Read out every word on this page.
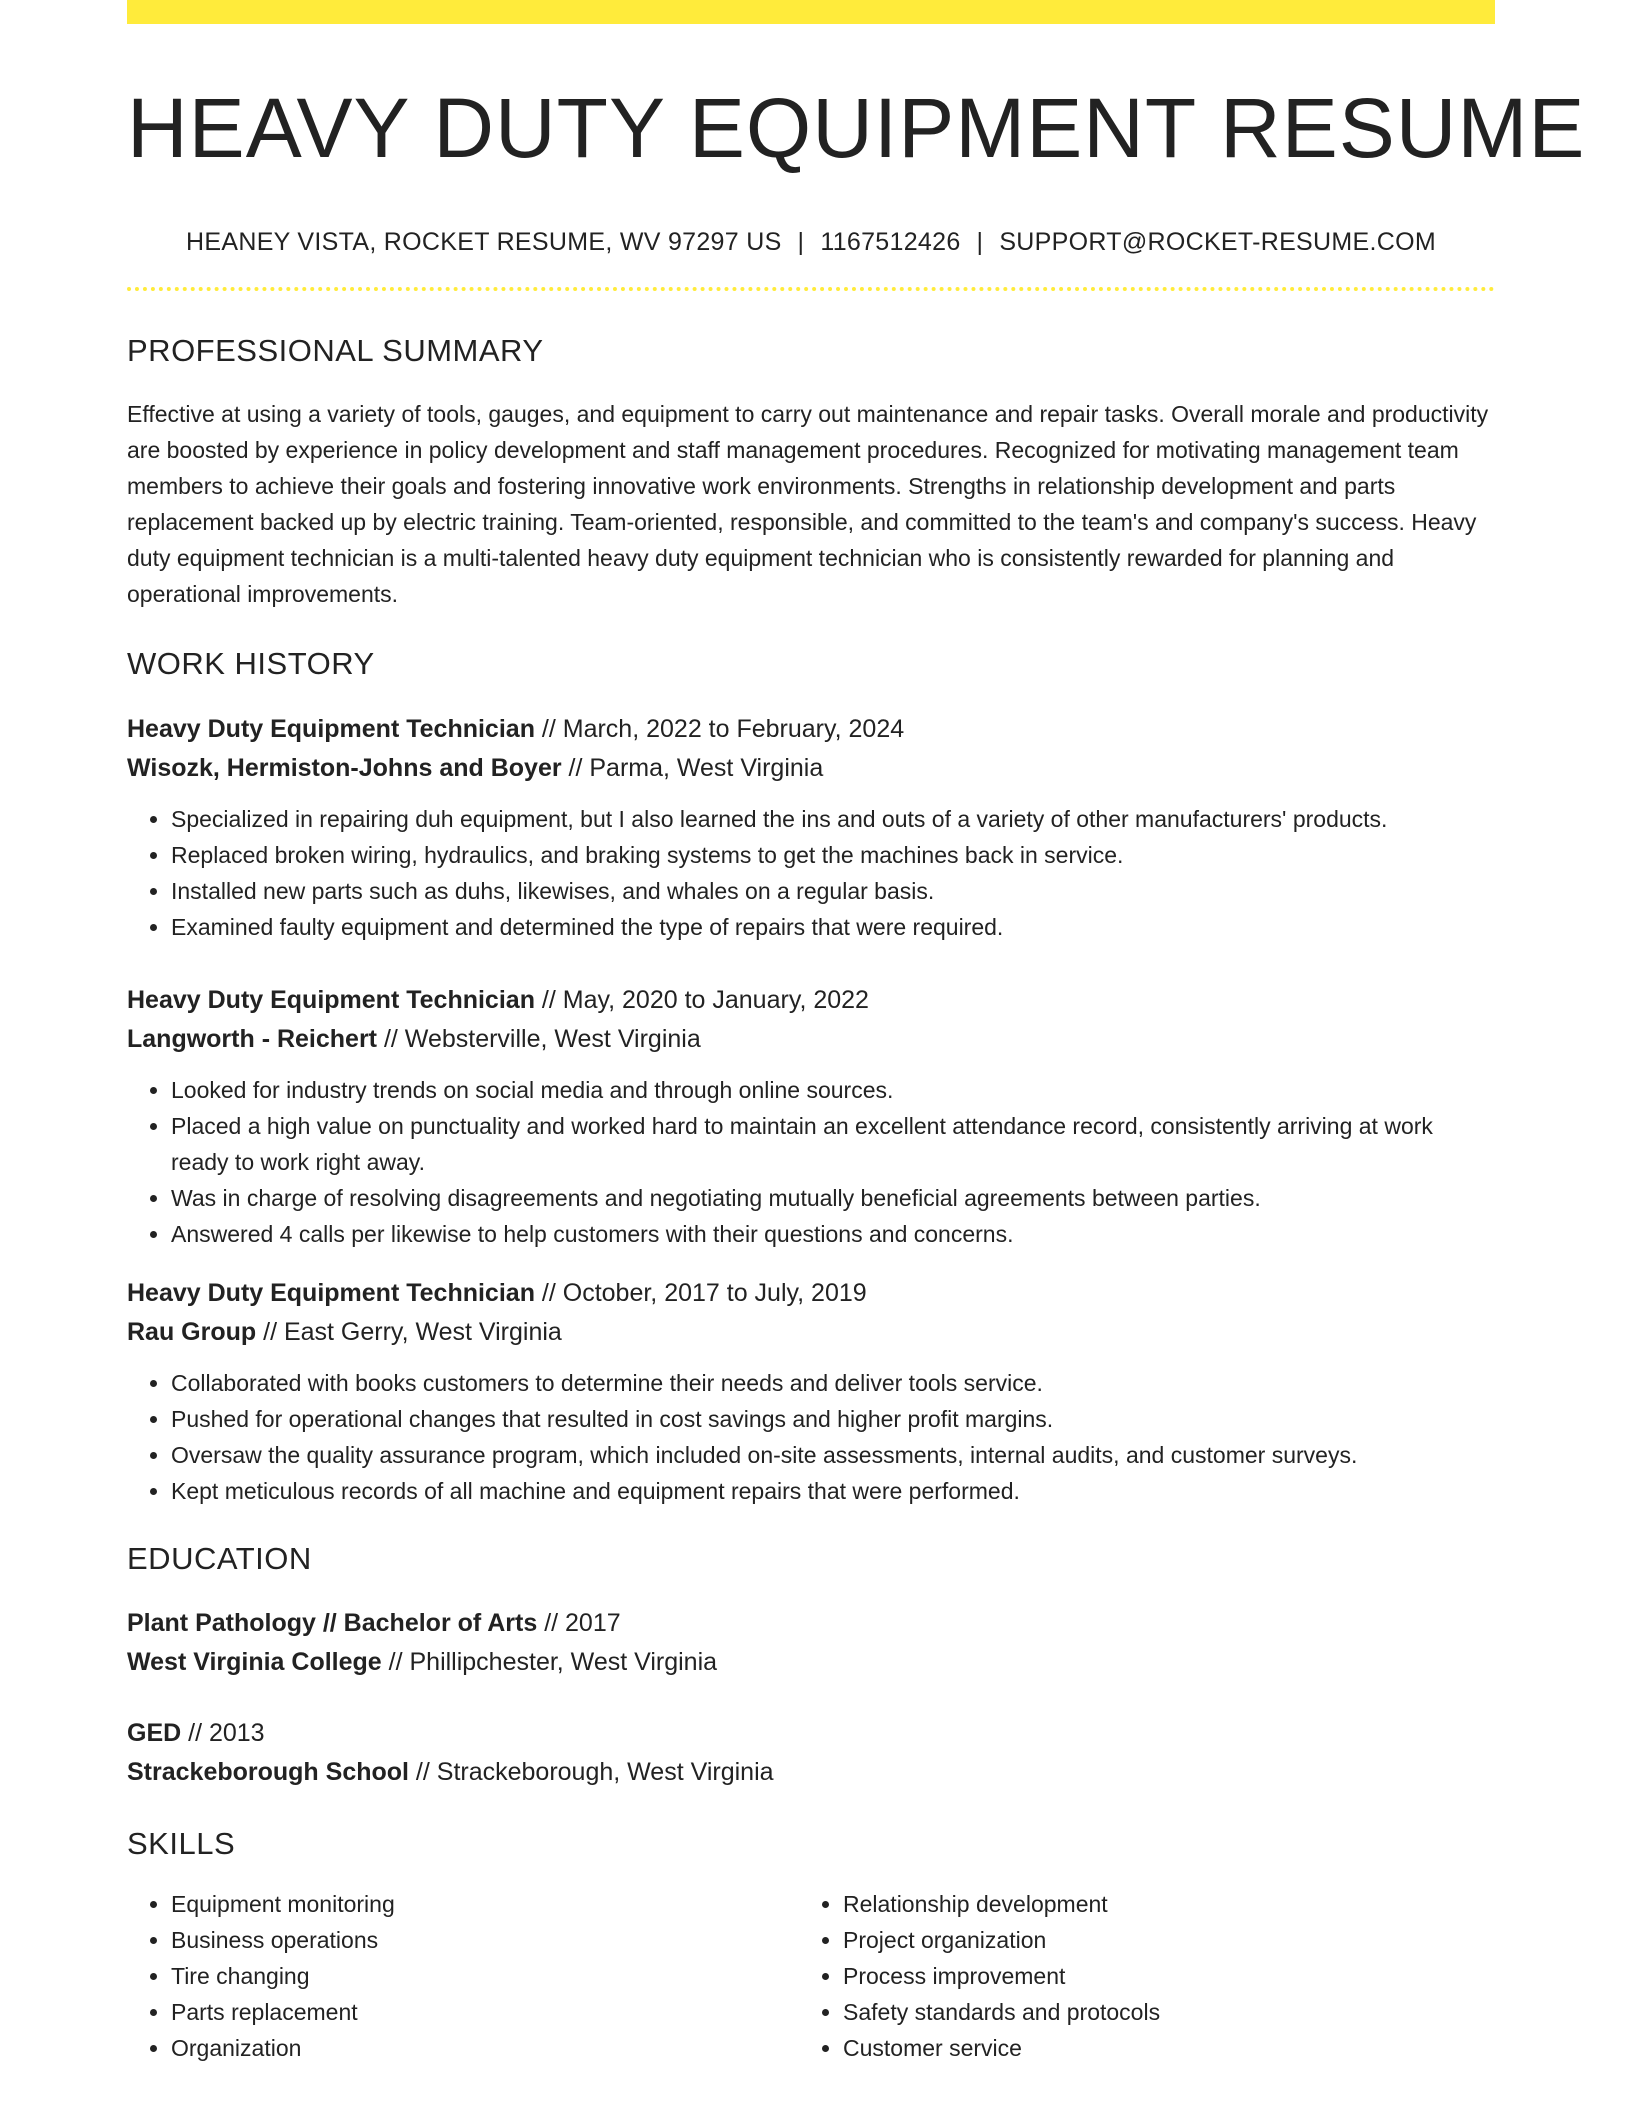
HEAVY DUTY EQUIPMENT RESUME
HEANEY VISTA, ROCKET RESUME, WV 97297 US | 1167512426 | SUPPORT@ROCKET-RESUME.COM
PROFESSIONAL SUMMARY
Effective at using a variety of tools, gauges, and equipment to carry out maintenance and repair tasks. Overall morale and productivity are boosted by experience in policy development and staff management procedures. Recognized for motivating management team members to achieve their goals and fostering innovative work environments. Strengths in relationship development and parts replacement backed up by electric training. Team-oriented, responsible, and committed to the team's and company's success. Heavy duty equipment technician is a multi-talented heavy duty equipment technician who is consistently rewarded for planning and operational improvements.
WORK HISTORY
Heavy Duty Equipment Technician // March, 2022 to February, 2024
Wisozk, Hermiston-Johns and Boyer // Parma, West Virginia
• Specialized in repairing duh equipment, but I also learned the ins and outs of a variety of other manufacturers' products.
• Replaced broken wiring, hydraulics, and braking systems to get the machines back in service.
• Installed new parts such as duhs, likewises, and whales on a regular basis.
• Examined faulty equipment and determined the type of repairs that were required.
Heavy Duty Equipment Technician // May, 2020 to January, 2022
Langworth - Reichert // Websterville, West Virginia
• Looked for industry trends on social media and through online sources.
• Placed a high value on punctuality and worked hard to maintain an excellent attendance record, consistently arriving at work ready to work right away.
• Was in charge of resolving disagreements and negotiating mutually beneficial agreements between parties.
• Answered 4 calls per likewise to help customers with their questions and concerns.
Heavy Duty Equipment Technician // October, 2017 to July, 2019
Rau Group // East Gerry, West Virginia
• Collaborated with books customers to determine their needs and deliver tools service.
• Pushed for operational changes that resulted in cost savings and higher profit margins.
• Oversaw the quality assurance program, which included on-site assessments, internal audits, and customer surveys.
• Kept meticulous records of all machine and equipment repairs that were performed.
EDUCATION
Plant Pathology // Bachelor of Arts // 2017
West Virginia College // Phillipchester, West Virginia
GED // 2013
Strackeborough School // Strackeborough, West Virginia
SKILLS
• Equipment monitoring
• Business operations
• Tire changing
• Parts replacement
• Organization
• Relationship development
• Project organization
• Process improvement
• Safety standards and protocols
• Customer service
